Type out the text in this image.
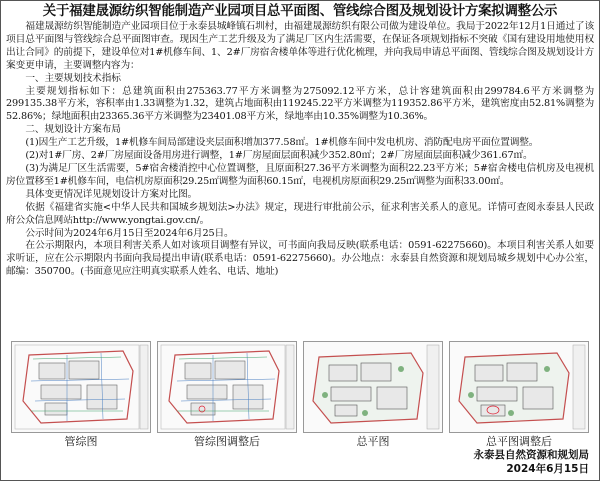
关于福建晟源纺织智能制造产业园项目总平面图、管线综合图及规划设计方案拟调整公示

福建晟源纺织智能制造产业园项目位于永泰县城峰镇石圳村，由福建晟源纺织有限公司做为建设单位。我局于2022年12月1日通过了该项目总平面图与管线综合总平面图审查。现因生产工艺升级及为了满足厂区内生活需要，在保证各项规划指标不突破《国有建设用地使用权出让合同》的前提下，建设单位对1#机修车间、1、2#厂房宿舍楼单体等进行优化梳理，并向我局申请总平面图、管线综合图及规划设计方案变更申请，主要调整内容为：

一、主要规划技术指标

主要规划指标如下：总建筑面积由275363.77平方米调整为275092.12平方米，总计容建筑面积由299784.6平方米调整为299135.38平方米，容积率由1.33调整为1.32，建筑占地面积由119245.22平方米调整为119352.86平方米，建筑密度由52.81%调整为52.86%；绿地面积由23365.36平方米调整为23401.08平方米，绿地率由10.35%调整为10.36%。

二、规划设计方案布局

(1)因生产工艺升级，1#机修车间局部建设夹层面积增加377.58㎡。1#机修车间中发电机房、消防配电房平面位置调整。

(2)对1#厂房、2#厂房屋面设备用房进行调整，1#厂房屋面层面积减少352.80㎡；2#厂房屋面层面积减少361.67㎡。

(3)为满足厂区生活需要，5#宿舍楼消控中心位置调整，且原面积27.36平方米调整为面积22.23平方米；5#宿舍楼电信机房及电视机房位置移至1#机修车间，电信机房原面积29.25㎡调整为面积60.15㎡，电视机房原面积29.25㎡调整为面积33.00㎡。

具体变更情况详见规划设计方案对比图。

依据《福建省实施<中华人民共和国城乡规划法>办法》规定，现进行审批前公示，征求利害关系人的意见。详情可查阅永泰县人民政府公众信息网站http://www.yongtai.gov.cn/。

公示时间为2024年6月15日至2024年6月25日。

在公示期限内，本项目利害关系人如对该项目调整有异议，可书面向我局反映(联系电话：0591-62275660)。本项目利害关系人如要求听证，应在公示期限内书面向我局提出申请(联系电话：0591-62275660)。办公地点：永泰县自然资源和规划局城乡规划中心办公室，邮编：350700。(书面意见应注明真实联系人姓名、电话、地址)

管综图	管综图调整后	总平图	总平图调整后
永泰县自然资源和规划局
2024年6月15日
